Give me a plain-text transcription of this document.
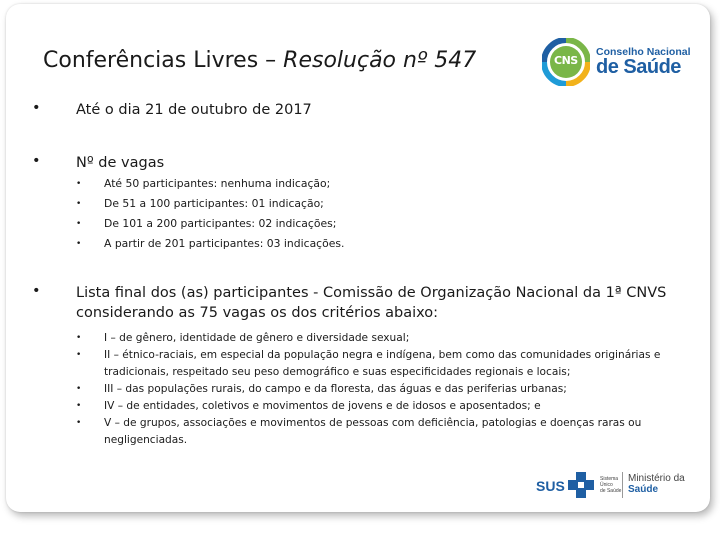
Conferências Livres – Resolução nº 547	CNS
Conselho Nacional
de Saúde
• Até o dia 21 de outubro de 2017
• Nº de vagas
• Até 50 participantes: nenhuma indicação;
• De 51 a 100 participantes: 01 indicação;
• De 101 a 200 participantes: 02 indicações;
• A partir de 201 participantes: 03 indicações.
• Lista final dos (as) participantes - Comissão de Organização Nacional da 1ª CNVS
considerando as 75 vagas os dos critérios abaixo:
• I – de gênero, identidade de gênero e diversidade sexual;
• II – étnico-raciais, em especial da população negra e indígena, bem como das comunidades originárias e tradicionais, respeitado seu peso demográfico e suas especificidades regionais e locais;
• III – das populações rurais, do campo e da floresta, das águas e das periferias urbanas;
• IV – de entidades, coletivos e movimentos de jovens e de idosos e aposentados; e
• V – de grupos, associações e movimentos de pessoas com deficiência, patologias e doenças raras ou negligenciadas.
SUS	Sistema
Único
de Saúde
Ministério da
Saúde
